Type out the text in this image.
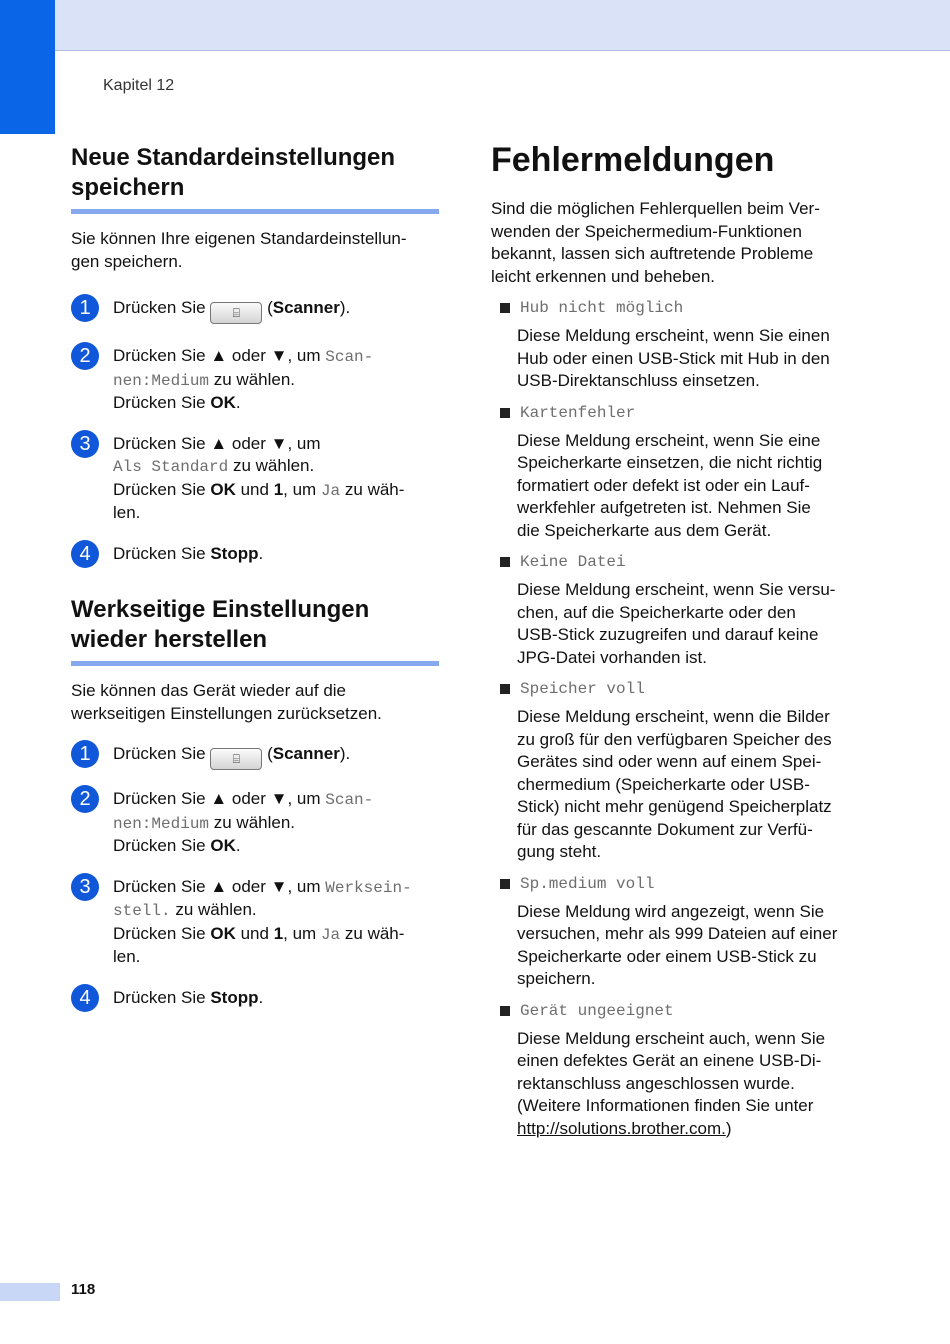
Kapitel 12
Neue Standardeinstellungen
speichern

Sie können Ihre eigenen Standardeinstellun-
gen speichern.

1	Drücken Sie ⌸ (Scanner).
2	Drücken Sie ▲ oder ▼, um Scan-
nen:Medium zu wählen.
Drücken Sie OK.
3	Drücken Sie ▲ oder ▼, um
Als Standard zu wählen.
Drücken Sie OK und 1, um Ja zu wäh-
len.
4	Drücken Sie Stopp.
Werkseitige Einstellungen
wieder herstellen

Sie können das Gerät wieder auf die
werkseitigen Einstellungen zurücksetzen.

1	Drücken Sie ⌸ (Scanner).
2	Drücken Sie ▲ oder ▼, um Scan-
nen:Medium zu wählen.
Drücken Sie OK.
3	Drücken Sie ▲ oder ▼, um Werksein-
stell. zu wählen.
Drücken Sie OK und 1, um Ja zu wäh-
len.
4	Drücken Sie Stopp.
Fehlermeldungen

Sind die möglichen Fehlerquellen beim Ver-
wenden der Speichermedium-Funktionen
bekannt, lassen sich auftretende Probleme
leicht erkennen und beheben.

Hub nicht möglich
Diese Meldung erscheint, wenn Sie einen
Hub oder einen USB-Stick mit Hub in den
USB-Direktanschluss einsetzen.

Kartenfehler
Diese Meldung erscheint, wenn Sie eine
Speicherkarte einsetzen, die nicht richtig
formatiert oder defekt ist oder ein Lauf-
werkfehler aufgetreten ist. Nehmen Sie
die Speicherkarte aus dem Gerät.

Keine Datei
Diese Meldung erscheint, wenn Sie versu-
chen, auf die Speicherkarte oder den
USB-Stick zuzugreifen und darauf keine
JPG-Datei vorhanden ist.

Speicher voll
Diese Meldung erscheint, wenn die Bilder
zu groß für den verfügbaren Speicher des
Gerätes sind oder wenn auf einem Spei-
chermedium (Speicherkarte oder USB-
Stick) nicht mehr genügend Speicherplatz
für das gescannte Dokument zur Verfü-
gung steht.

Sp.medium voll
Diese Meldung wird angezeigt, wenn Sie
versuchen, mehr als 999 Dateien auf einer
Speicherkarte oder einem USB-Stick zu
speichern.

Gerät ungeeignet
Diese Meldung erscheint auch, wenn Sie
einen defektes Gerät an einene USB-Di-
rektanschluss angeschlossen wurde.
(Weitere Informationen finden Sie unter
http://solutions.brother.com.)
118
